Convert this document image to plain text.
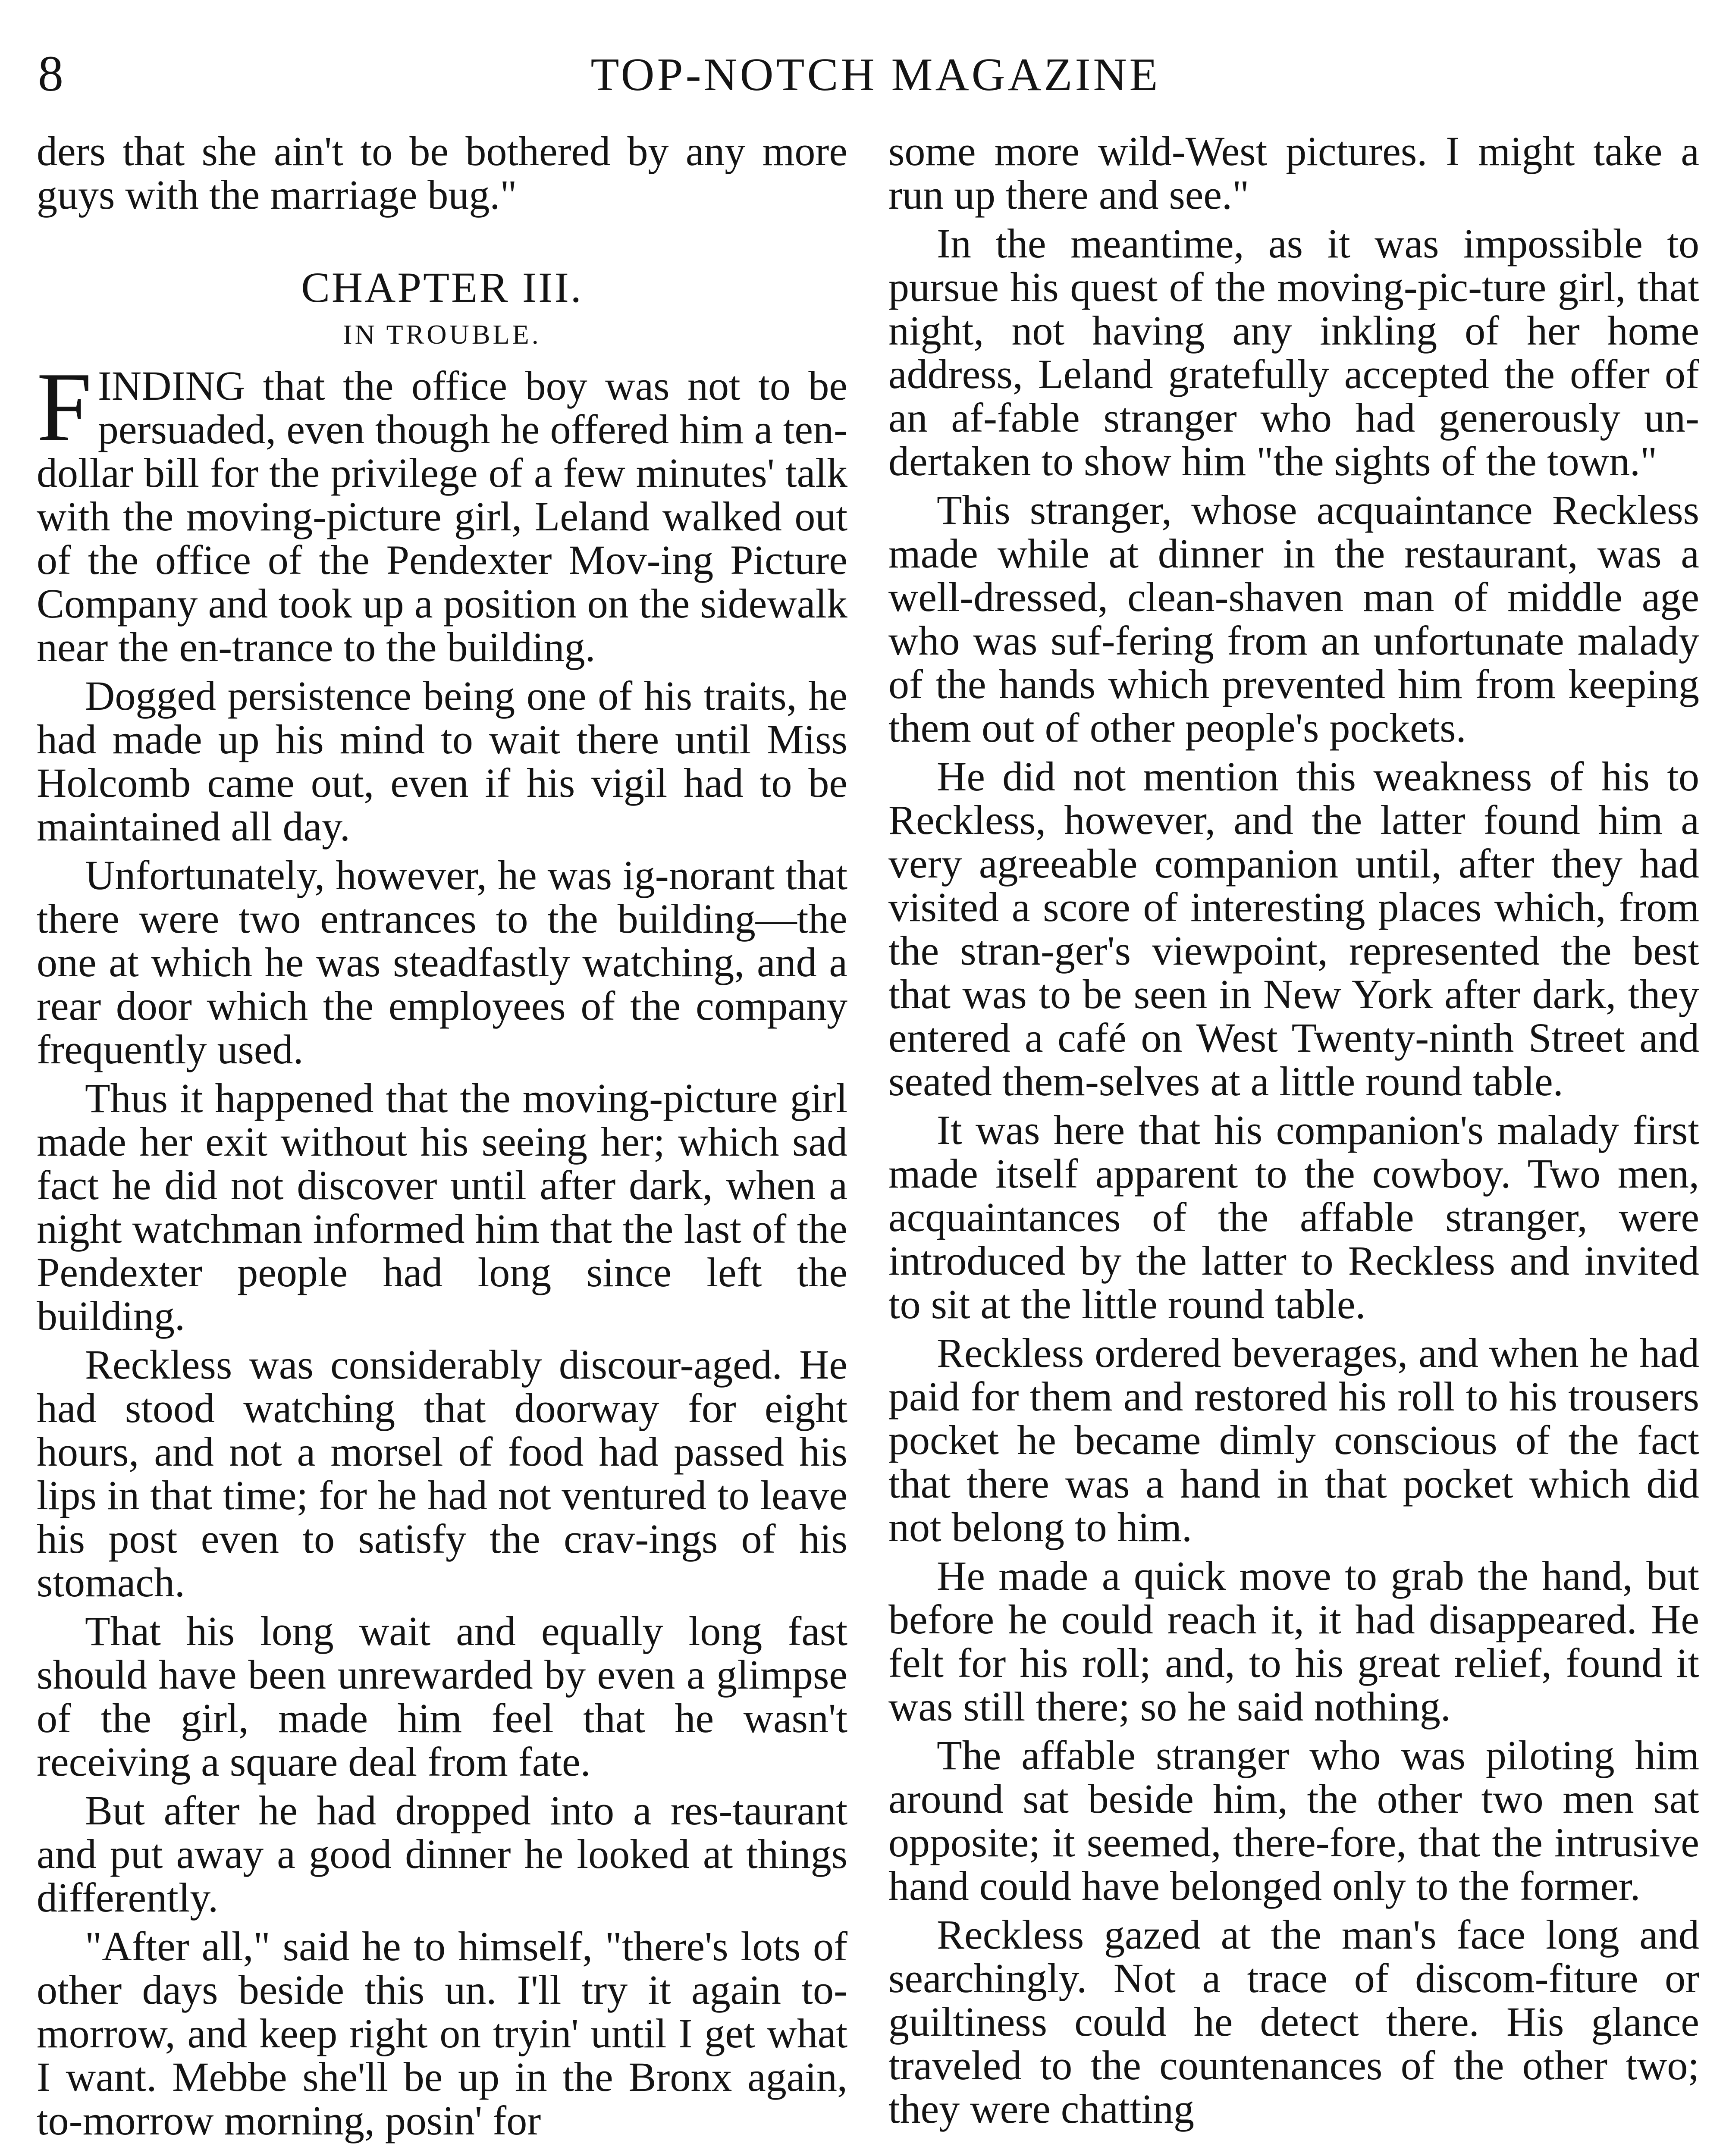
8	TOP-NOTCH MAGAZINE

ders that she ain't to be bothered by any more guys with the marriage bug."

CHAPTER III.
IN TROUBLE.

FINDING that the office boy was not to be persuaded, even though he offered him a ten-dollar bill for the privilege of a few minutes' talk with the moving-picture girl, Leland walked out of the office of the Pendexter Mov-ing Picture Company and took up a position on the sidewalk near the en-trance to the building.

Dogged persistence being one of his traits, he had made up his mind to wait there until Miss Holcomb came out, even if his vigil had to be maintained all day.

Unfortunately, however, he was ig-norant that there were two entrances to the building—the one at which he was steadfastly watching, and a rear door which the employees of the company frequently used.

Thus it happened that the moving-picture girl made her exit without his seeing her; which sad fact he did not discover until after dark, when a night watchman informed him that the last of the Pendexter people had long since left the building.

Reckless was considerably discour-aged. He had stood watching that doorway for eight hours, and not a morsel of food had passed his lips in that time; for he had not ventured to leave his post even to satisfy the crav-ings of his stomach.

That his long wait and equally long fast should have been unrewarded by even a glimpse of the girl, made him feel that he wasn't receiving a square deal from fate.

But after he had dropped into a res-taurant and put away a good dinner he looked at things differently.

"After all," said he to himself, "there's lots of other days beside this un. I'll try it again to-morrow, and keep right on tryin' until I get what I want. Mebbe she'll be up in the Bronx again, to-morrow morning, posin' for

some more wild-West pictures. I might take a run up there and see."

In the meantime, as it was impossible to pursue his quest of the moving-pic-ture girl, that night, not having any inkling of her home address, Leland gratefully accepted the offer of an af-fable stranger who had generously un-dertaken to show him "the sights of the town."

This stranger, whose acquaintance Reckless made while at dinner in the restaurant, was a well-dressed, clean-shaven man of middle age who was suf-fering from an unfortunate malady of the hands which prevented him from keeping them out of other people's pockets.

He did not mention this weakness of his to Reckless, however, and the latter found him a very agreeable companion until, after they had visited a score of interesting places which, from the stran-ger's viewpoint, represented the best that was to be seen in New York after dark, they entered a café on West Twenty-ninth Street and seated them-selves at a little round table.

It was here that his companion's malady first made itself apparent to the cowboy. Two men, acquaintances of the affable stranger, were introduced by the latter to Reckless and invited to sit at the little round table.

Reckless ordered beverages, and when he had paid for them and restored his roll to his trousers pocket he became dimly conscious of the fact that there was a hand in that pocket which did not belong to him.

He made a quick move to grab the hand, but before he could reach it, it had disappeared. He felt for his roll; and, to his great relief, found it was still there; so he said nothing.

The affable stranger who was piloting him around sat beside him, the other two men sat opposite; it seemed, there-fore, that the intrusive hand could have belonged only to the former.

Reckless gazed at the man's face long and searchingly. Not a trace of discom-fiture or guiltiness could he detect there. His glance traveled to the countenances of the other two; they were chatting
